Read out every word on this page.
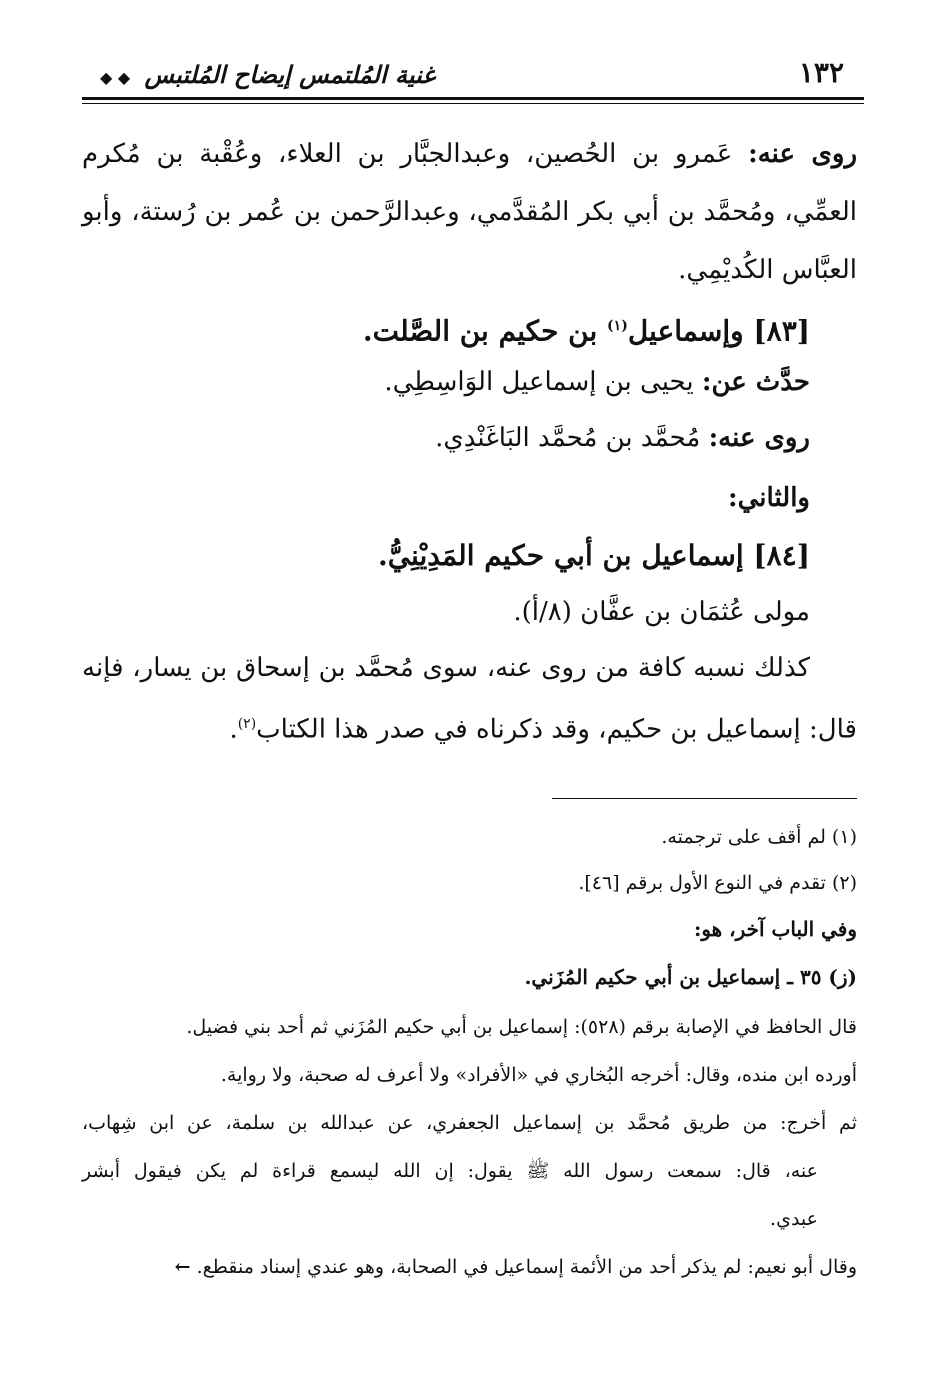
١٣٢
غنية المُلتمس إيضاح المُلتبس ◆ ◆
روى عنه: عَمرو بن الحُصين، وعبدالجبَّار بن العلاء، وعُقْبة بن مُكرم
العمِّي، ومُحمَّد بن أبي بكر المُقدَّمي، وعبدالرَّحمن بن عُمر بن رُستة، وأبو
العبَّاس الكُديْمِي.
[٨٣] وإسماعيل$^{(١)}$ بن حكيم بن الصَّلت.
حدَّث عن: يحيى بن إسماعيل الوَاسِطِي.
روى عنه: مُحمَّد بن مُحمَّد البَاغَنْدِي.
والثاني:
[٨٤] إسماعيل بن أبي حكيم المَدِيْنِيُّ.
مولى عُثمَان بن عفَّان (٨/أ).
كذلك نسبه كافة من روى عنه، سوى مُحمَّد بن إسحاق بن يسار، فإنه
قال: إسماعيل بن حكيم، وقد ذكرناه في صدر هذا الكتاب$^{(٢)}$.
(١) لم أقف على ترجمته.
(٢) تقدم في النوع الأول برقم [٤٦].
وفي الباب آخر، هو:
(ز) ٣٥ ـ إسماعيل بن أبي حكيم المُزَني.
قال الحافظ في الإصابة برقم (٥٢٨): إسماعيل بن أبي حكيم المُزَني ثم أحد بني فضيل.
أورده ابن منده، وقال: أخرجه البُخاري في «الأفراد» ولا أعرف له صحبة، ولا رواية.
ثم أخرج: من طريق مُحمَّد بن إسماعيل الجعفري، عن عبدالله بن سلمة، عن ابن شِهاب،
عنه، قال: سمعت رسول الله ﷺ يقول: إن الله ليسمع قراءة لم يكن فيقول أبشر
عبدي.
وقال أبو نعيم: لم يذكر أحد من الأئمة إسماعيل في الصحابة، وهو عندي إسناد منقطع. ←
